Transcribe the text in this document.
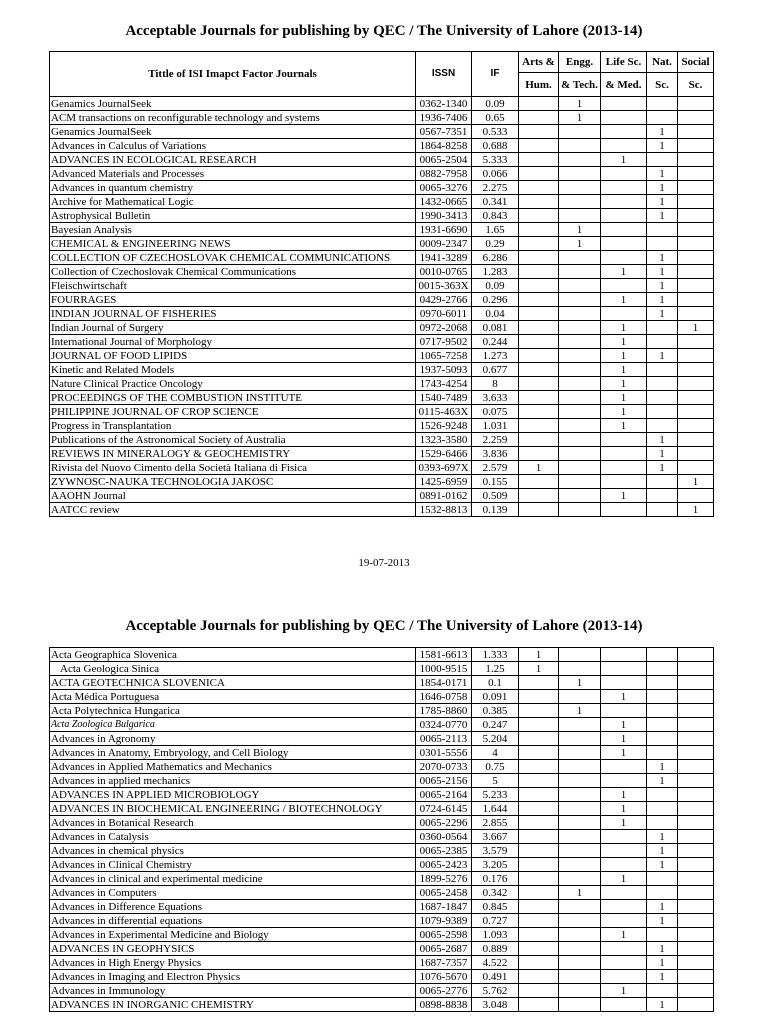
Acceptable Journals for publishing by QEC / The University of Lahore (2013-14)
Tittle of ISI Imapct Factor Journals	ISSN	IF	Arts &	Engg.	Life Sc.	Nat.	Social
			Hum.	& Tech.	& Med.	Sc.	Sc.
Genamics JournalSeek	0362-1340	0.09		1			
ACM transactions on reconfigurable technology and systems	1936-7406	0.65		1			
Genamics JournalSeek	0567-7351	0.533				1	
Advances in Calculus of Variations	1864-8258	0.688				1	
ADVANCES IN ECOLOGICAL RESEARCH	0065-2504	5.333			1		
Advanced Materials and Processes	0882-7958	0.066				1	
Advances in quantum chemistry	0065-3276	2.275				1	
Archive for Mathematical Logic	1432-0665	0.341				1	
Astrophysical Bulletin	1990-3413	0.843				1	
Bayesian Analysis	1931-6690	1.65		1			
CHEMICAL & ENGINEERING NEWS	0009-2347	0.29		1			
COLLECTION OF CZECHOSLOVAK CHEMICAL COMMUNICATIONS	1941-3289	6.286				1	
Collection of Czechoslovak Chemical Communications	0010-0765	1.283			1	1	
Fleischwirtschaft	0015-363X	0.09				1	
FOURRAGES	0429-2766	0.296			1	1	
INDIAN JOURNAL OF FISHERIES	0970-6011	0.04				1	
Indian Journal of Surgery	0972-2068	0.081			1		1
International Journal of Morphology	0717-9502	0.244			1		
JOURNAL OF FOOD LIPIDS	1065-7258	1.273			1	1	
Kinetic and Related Models	1937-5093	0.677			1		
Nature Clinical Practice Oncology	1743-4254	8			1		
PROCEEDINGS OF THE COMBUSTION INSTITUTE	1540-7489	3.633			1		
PHILIPPINE JOURNAL OF CROP SCIENCE	0115-463X	0.075			1		
Progress in Transplantation	1526-9248	1.031			1		
Publications of the Astronomical Society of Australia	1323-3580	2.259				1	
REVIEWS IN MINERALOGY & GEOCHEMISTRY	1529-6466	3.836				1	
Rivista del Nuovo Cimento della Società Italiana di Fisica	0393-697X	2.579	1			1	
ZYWNOSC-NAUKA TECHNOLOGIA JAKOSC	1425-6959	0.155					1
AAOHN Journal	0891-0162	0.509			1		
AATCC review	1532-8813	0.139					1
19-07-2013
Acceptable Journals for publishing by QEC / The University of Lahore (2013-14)
Acta Geographica Slovenica	1581-6613	1.333	1				
Acta Geologica Sinica	1000-9515	1.25	1				
ACTA GEOTECHNICA SLOVENICA	1854-0171	0.1		1			
Acta Médica Portuguesa	1646-0758	0.091			1		
Acta Polytechnica Hungarica	1785-8860	0.385		1			
Acta Zoologica Bulgarica	0324-0770	0.247			1		
Advances in Agronomy	0065-2113	5.204			1		
Advances in Anatomy, Embryology, and Cell Biology	0301-5556	4			1		
Advances in Applied Mathematics and Mechanics	2070-0733	0.75				1	
Advances in applied mechanics	0065-2156	5				1	
ADVANCES IN APPLIED MICROBIOLOGY	0065-2164	5.233			1		
ADVANCES IN BIOCHEMICAL ENGINEERING / BIOTECHNOLOGY	0724-6145	1.644			1		
Advances in Botanical Research	0065-2296	2.855			1		
Advances in Catalysis	0360-0564	3.667				1	
Advances in chemical physics	0065-2385	3.579				1	
Advances in Clinical Chemistry	0065-2423	3.205				1	
Advances in clinical and experimental medicine	1899-5276	0.176			1		
Advances in Computers	0065-2458	0.342		1			
Advances in Difference Equations	1687-1847	0.845				1	
Advances in differential equations	1079-9389	0.727				1	
Advances in Experimental Medicine and Biology	0065-2598	1.093			1		
ADVANCES IN GEOPHYSICS	0065-2687	0.889				1	
Advances in High Energy Physics	1687-7357	4.522				1	
Advances in Imaging and Electron Physics	1076-5670	0.491				1	
Advances in Immunology	0065-2776	5.762			1		
ADVANCES IN INORGANIC CHEMISTRY	0898-8838	3.048				1	
